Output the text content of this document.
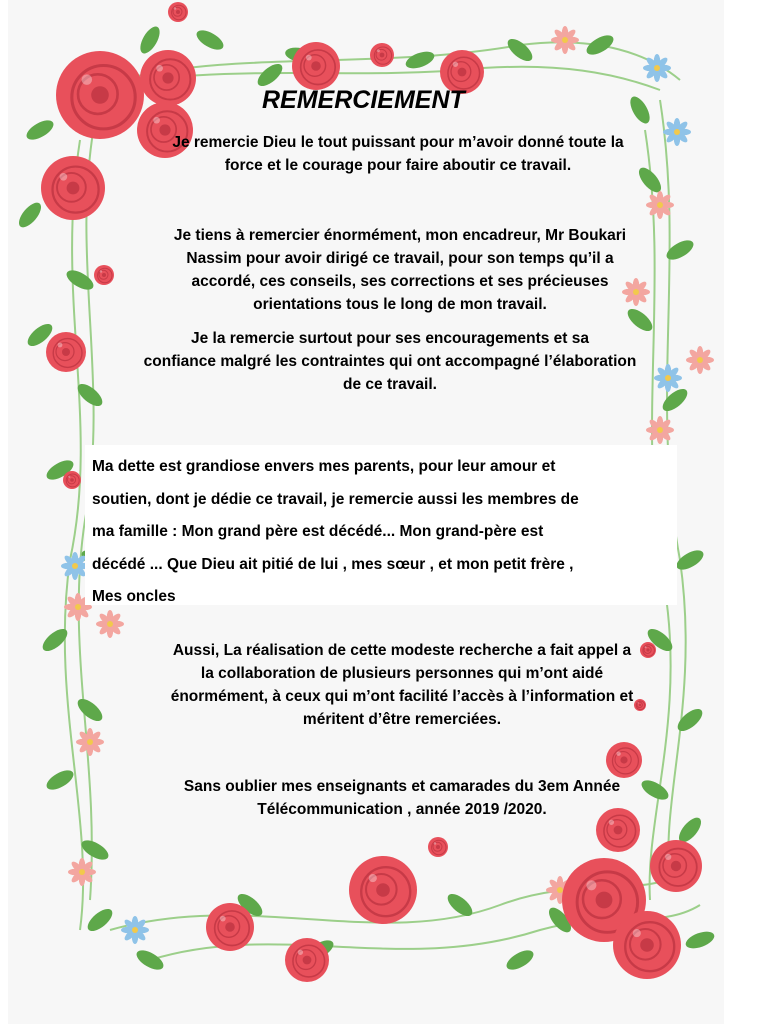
REMERCIEMENT
Je remercie Dieu le tout puissant pour m’avoir donné toute la
force et le courage pour faire aboutir ce travail.
Je tiens à remercier énormément, mon encadreur, Mr Boukari
Nassim pour avoir dirigé ce travail, pour son temps qu’il a
accordé, ces conseils, ses corrections et ses précieuses
orientations tous le long de mon travail.
Je la remercie surtout pour ses encouragements et sa
confiance malgré les contraintes qui ont accompagné l’élaboration
de ce travail.
Ma dette est grandiose envers mes parents, pour leur amour et
soutien, dont je dédie ce travail, je remercie aussi les membres de
ma famille : Mon grand père est décédé... Mon grand-père est
décédé ... Que Dieu ait pitié de lui , mes sœur , et mon petit frère ,
Mes oncles
Aussi, La réalisation de cette modeste recherche a fait appel a
la collaboration de plusieurs personnes qui m’ont aidé
énormément, à ceux qui m’ont facilité l’accès à l’information et
méritent d’être remerciées.
Sans oublier mes enseignants et camarades du 3em Année
Télécommunication , année 2019 /2020.
